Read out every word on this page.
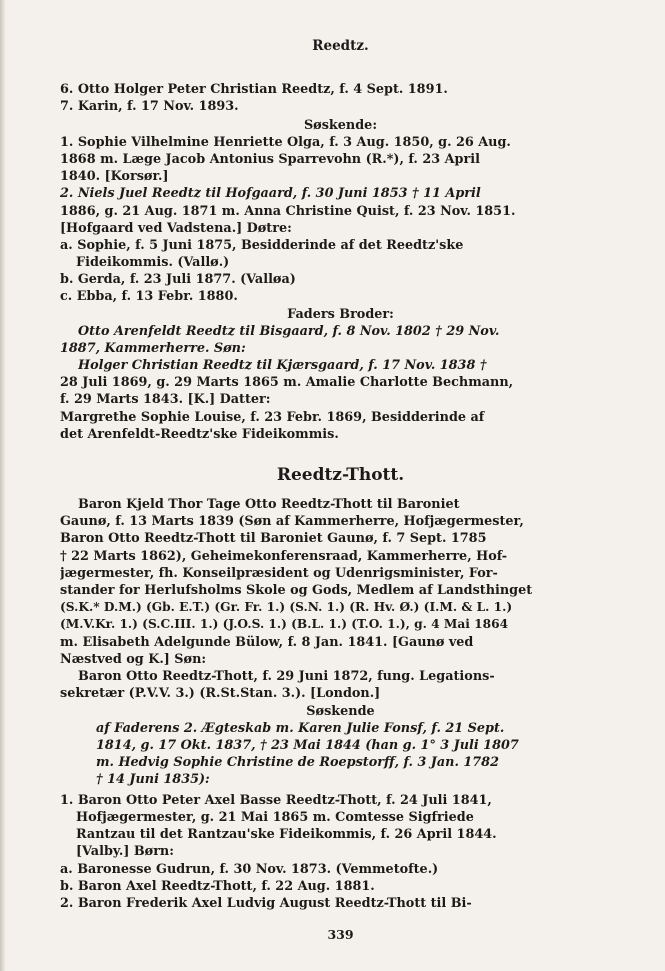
Reedtz.
6. Otto Holger Peter Christian Reedtz, f. 4 Sept. 1891.
7. Karin, f. 17 Nov. 1893.
Søskende:
1. Sophie Vilhelmine Henriette Olga, f. 3 Aug. 1850, g. 26 Aug.
1868 m. Læge Jacob Antonius Sparrevohn (R.*), f. 23 April
1840. [Korsør.]
2. Niels Juel Reedtz til Hofgaard, f. 30 Juni 1853 † 11 April
1886, g. 21 Aug. 1871 m. Anna Christine Quist, f. 23 Nov. 1851.
[Hofgaard ved Vadstena.] Døtre:
a. Sophie, f. 5 Juni 1875, Besidderinde af det Reedtz'ske
Fideikommis. (Vallø․)
b. Gerda, f. 23 Juli 1877. (Valløa)
c. Ebba, f. 13 Febr. 1880.
Faders Broder:
Otto Arenfeldt Reedtz til Bisgaard, f. 8 Nov. 1802 † 29 Nov.
1887, Kammerherre. Søn:
Holger Christian Reedtz til Kjærsgaard, f. 17 Nov. 1838 †
28 Juli 1869, g. 29 Marts 1865 m. Amalie Charlotte Bechmann,
f. 29 Marts 1843. [K.] Datter:
Margrethe Sophie Louise, f. 23 Febr. 1869, Besidderinde af
det Arenfeldt-Reedtz'ske Fideikommis.
Reedtz-Thott.
Baron Kjeld Thor Tage Otto Reedtz-Thott til Baroniet
Gaunø, f. 13 Marts 1839 (Søn af Kammerherre, Hofjægermester,
Baron Otto Reedtz-Thott til Baroniet Gaunø, f. 7 Sept. 1785
† 22 Marts 1862), Geheimekonferensraad, Kammerherre, Hof-
jægermester, fh. Konseilpræsident og Udenrigsminister, For-
stander for Herlufsholms Skole og Gods, Medlem af Landsthinget
(S.K.* D.M.) (Gb. E.T.) (Gr. Fr. 1.) (S.N. 1.) (R. Hv. Ø.) (I.M. & L. 1.)
(M.V.Kr. 1.) (S.C.III. 1.) (J.O.S. 1.) (B.L. 1.) (T.O. 1.), g. 4 Mai 1864
m. Elisabeth Adelgunde Bülow, f. 8 Jan. 1841. [Gaunø ved
Næstved og K.] Søn:
Baron Otto Reedtz-Thott, f. 29 Juni 1872, fung. Legations-
sekretær (P.V.V. 3.) (R.St.Stan. 3.). [London.]
Søskende
af Faderens 2. Ægteskab m. Karen Julie Fonsf, f. 21 Sept.
1814, g. 17 Okt. 1837, † 23 Mai 1844 (han g. 1° 3 Juli 1807
m. Hedvig Sophie Christine de Roepstorff, f. 3 Jan. 1782
† 14 Juni 1835):
1. Baron Otto Peter Axel Basse Reedtz-Thott, f. 24 Juli 1841,
Hofjægermester, g. 21 Mai 1865 m. Comtesse Sigfriede
Rantzau til det Rantzau'ske Fideikommis, f. 26 April 1844.
[Valby.] Børn:
a. Baronesse Gudrun, f. 30 Nov. 1873. (Vemmetofte.)
b. Baron Axel Reedtz-Thott, f. 22 Aug. 1881.
2. Baron Frederik Axel Ludvig August Reedtz-Thott til Bi-
339
